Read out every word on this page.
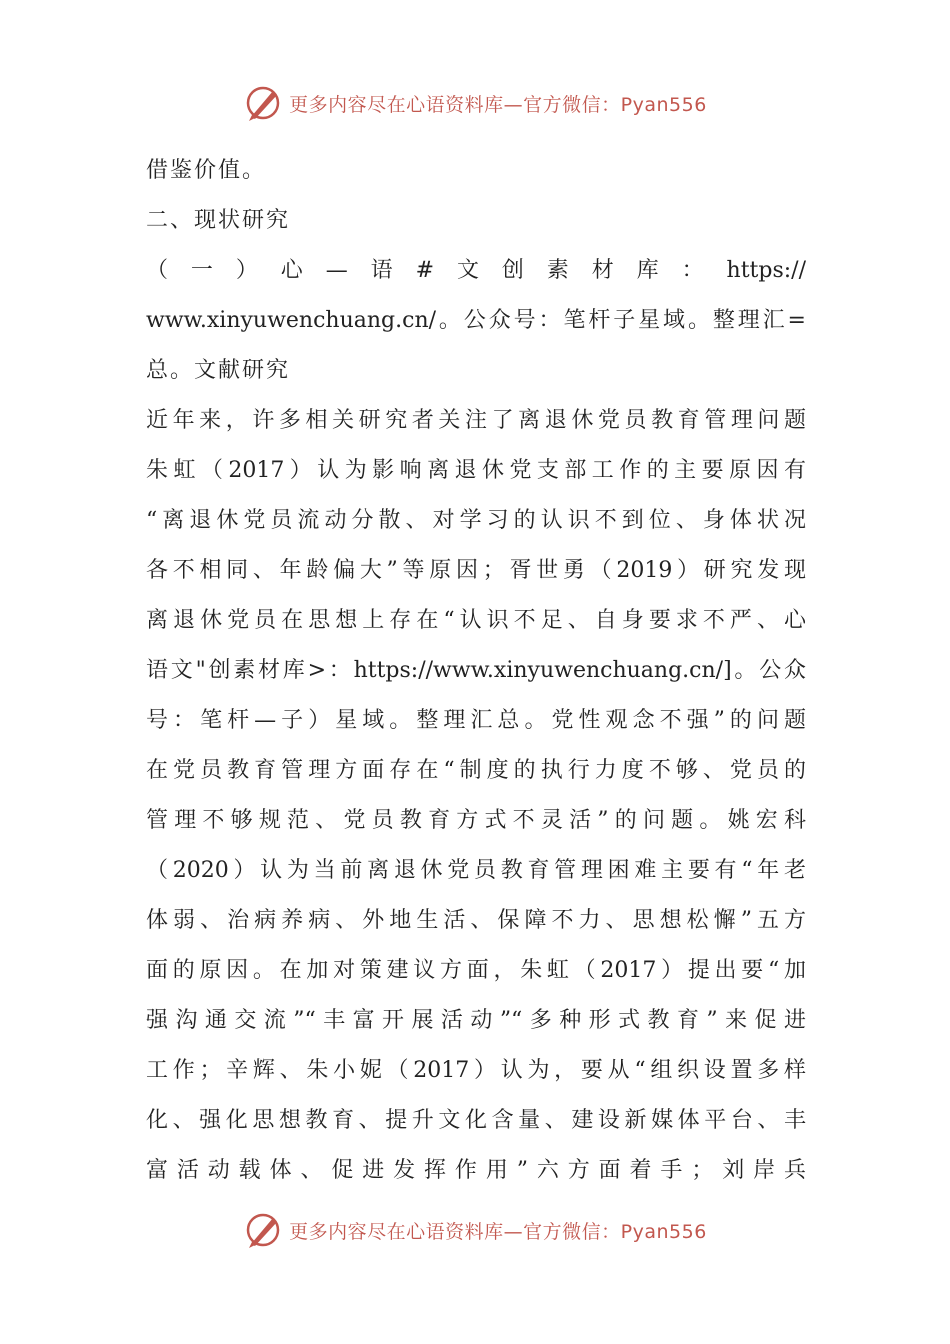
更多内容尽在心语资料库—官方微信：Pyan556
借鉴价值。
二、现状研究
（一）心—语#文创素材库：https://
www.xinyuwenchuang.cn/。公众号：笔杆子星域。整理汇=
总。文献研究
近年来，许多相关研究者关注了离退休党员教育管理问题
朱虹（2017）认为影响离退休党支部工作的主要原因有
“离退休党员流动分散、对学习的认识不到位、身体状况
各不相同、年龄偏大”等原因；胥世勇（2019）研究发现
离退休党员在思想上存在“认识不足、自身要求不严、心
语文"创素材库>：https://www.xinyuwenchuang.cn/]。公众
号：笔杆—子）星域。整理汇总。党性观念不强”的问题
在党员教育管理方面存在“制度的执行力度不够、党员的
管理不够规范、党员教育方式不灵活”的问题。姚宏科
（2020）认为当前离退休党员教育管理困难主要有“年老
体弱、治病养病、外地生活、保障不力、思想松懈”五方
面的原因。在加对策建议方面，朱虹（2017）提出要“加
强沟通交流”“丰富开展活动”“多种形式教育”来促进
工作；辛辉、朱小妮（2017）认为，要从“组织设置多样
化、强化思想教育、提升文化含量、建设新媒体平台、丰
富活动载体、促进发挥作用”六方面着手；刘岸兵
更多内容尽在心语资料库—官方微信：Pyan556
